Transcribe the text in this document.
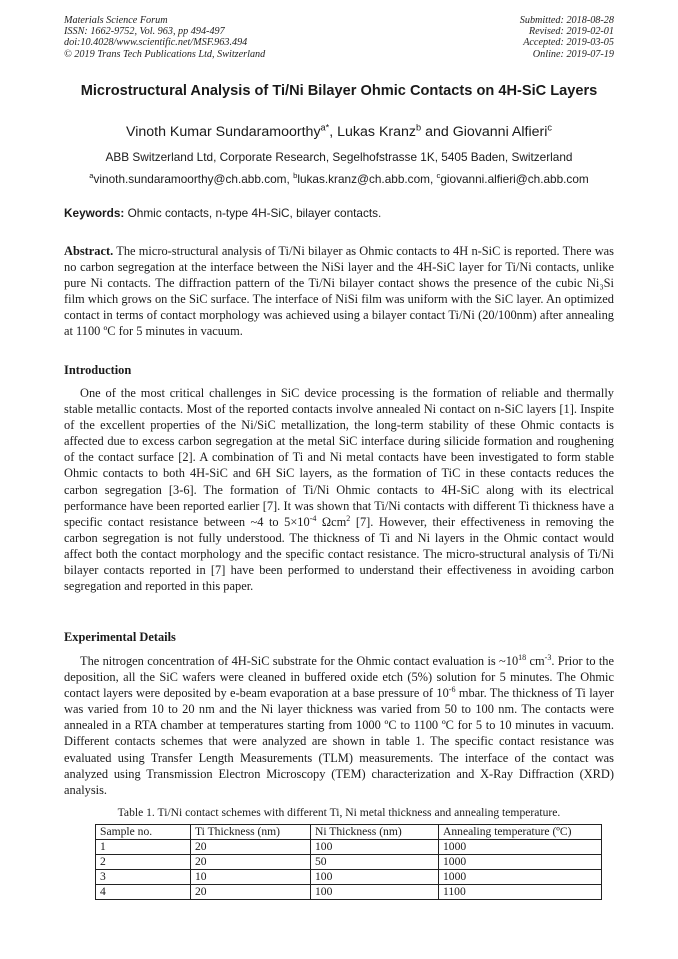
Materials Science Forum
ISSN: 1662-9752, Vol. 963, pp 494-497
doi:10.4028/www.scientific.net/MSF.963.494
© 2019 Trans Tech Publications Ltd, Switzerland
Submitted: 2018-08-28
Revised: 2019-02-01
Accepted: 2019-03-05
Online: 2019-07-19
Microstructural Analysis of Ti/Ni Bilayer Ohmic Contacts on 4H-SiC Layers
Vinoth Kumar Sundaramoorthy$^{a*}$, Lukas Kranz$^b$ and Giovanni Alfieri$^c$
ABB Switzerland Ltd, Corporate Research, Segelhofstrasse 1K, 5405 Baden, Switzerland
$^a$vinoth.sundaramoorthy@ch.abb.com, $^b$lukas.kranz@ch.abb.com, $^c$giovanni.alfieri@ch.abb.com
Keywords: Ohmic contacts, n-type 4H-SiC, bilayer contacts.
Abstract. The micro-structural analysis of Ti/Ni bilayer as Ohmic contacts to 4H n-SiC is reported. There was no carbon segregation at the interface between the NiSi layer and the 4H-SiC layer for Ti/Ni contacts, unlike pure Ni contacts. The diffraction pattern of the Ti/Ni bilayer contact shows the presence of the cubic Ni₃Si film which grows on the SiC surface. The interface of NiSi film was uniform with the SiC layer. An optimized contact in terms of contact morphology was achieved using a bilayer contact Ti/Ni (20/100nm) after annealing at 1100 ºC for 5 minutes in vacuum.
Introduction
One of the most critical challenges in SiC device processing is the formation of reliable and thermally stable metallic contacts. Most of the reported contacts involve annealed Ni contact on n-SiC layers [1]. Inspite of the excellent properties of the Ni/SiC metallization, the long-term stability of these Ohmic contacts is affected due to excess carbon segregation at the metal SiC interface during silicide formation and roughening of the contact surface [2]. A combination of Ti and Ni metal contacts have been investigated to form stable Ohmic contacts to both 4H-SiC and 6H SiC layers, as the formation of TiC in these contacts reduces the carbon segregation [3-6]. The formation of Ti/Ni Ohmic contacts to 4H-SiC along with its electrical performance have been reported earlier [7]. It was shown that Ti/Ni contacts with different Ti thickness have a specific contact resistance between ~4 to $5\times 10^{-4}$ Ωcm$^2$ [7]. However, their effectiveness in removing the carbon segregation is not fully understood. The thickness of Ti and Ni layers in the Ohmic contact would affect both the contact morphology and the specific contact resistance. The micro-structural analysis of Ti/Ni bilayer contacts reported in [7] have been performed to understand their effectiveness in avoiding carbon segregation and reported in this paper.
Experimental Details
The nitrogen concentration of 4H-SiC substrate for the Ohmic contact evaluation is $\sim 10^{18}$ $cm^{-3}$. Prior to the deposition, all the SiC wafers were cleaned in buffered oxide etch (5%) solution for 5 minutes. The Ohmic contact layers were deposited by e-beam evaporation at a base pressure of $10^{-6}$ mbar. The thickness of Ti layer was varied from 10 to 20 nm and the Ni layer thickness was varied from 50 to 100 nm. The contacts were annealed in a RTA chamber at temperatures starting from 1000 ºC to 1100 ºC for 5 to 10 minutes in vacuum. Different contacts schemes that were analyzed are shown in table 1. The specific contact resistance was evaluated using Transfer Length Measurements (TLM) measurements. The interface of the contact was analyzed using Transmission Electron Microscopy (TEM) characterization and X-Ray Diffraction (XRD) analysis.
Table 1. Ti/Ni contact schemes with different Ti, Ni metal thickness and annealing temperature.
Sample no.	Ti Thickness (nm)	Ni Thickness (nm)	Annealing temperature (ºC)
1	20	100	1000
2	20	50	1000
3	10	100	1000
4	20	100	1100
